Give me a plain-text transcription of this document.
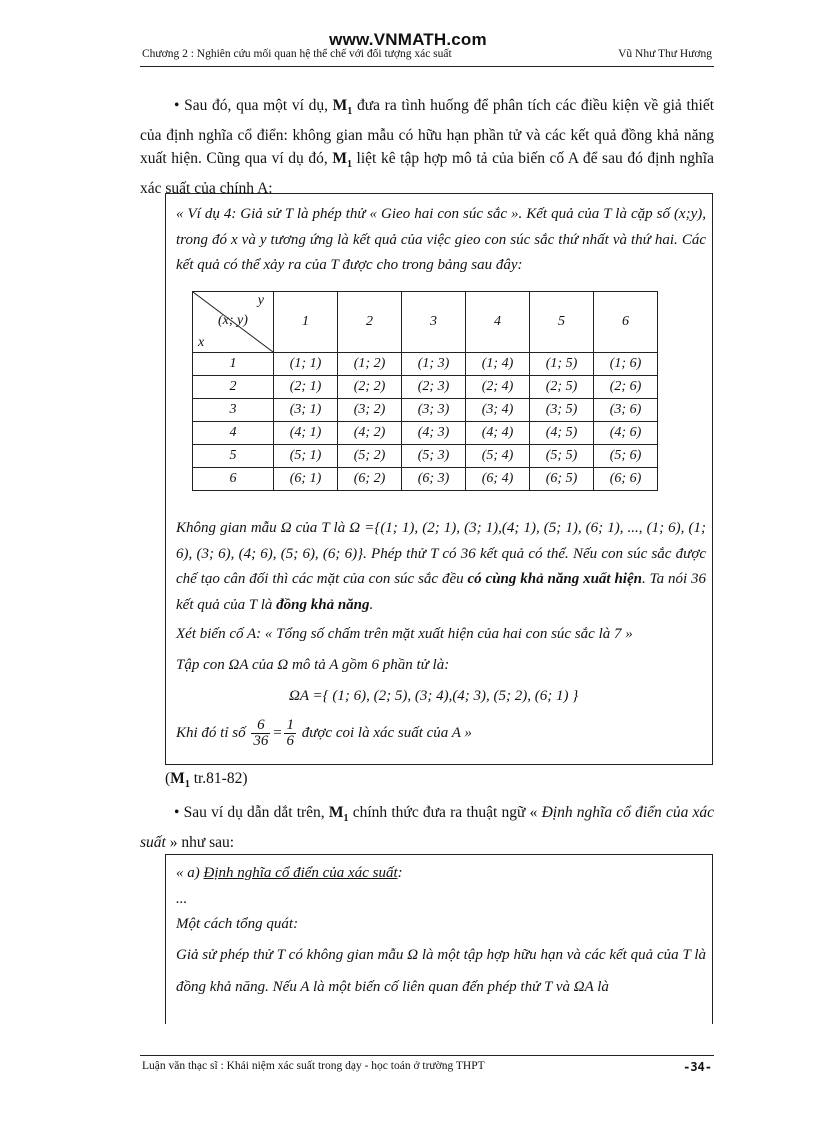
www.VNMATH.com
Chương 2 : Nghiên cứu mối quan hệ thể chế với đối tượng xác suất	Vũ Như Thư Hương
• Sau đó, qua một ví dụ, $M_1$ đưa ra tình huống để phân tích các điều kiện về giả thiết của định nghĩa cổ điển: không gian mẫu có hữu hạn phần tử và các kết quả đồng khả năng xuất hiện. Cũng qua ví dụ đó, $M_1$ liệt kê tập hợp mô tả của biến cố A để sau đó định nghĩa xác suất của chính A:
« Ví dụ 4: Giả sử T là phép thử « Gieo hai con súc sắc ». Kết quả của T là cặp số (x;y), trong đó x và y tương ứng là kết quả của việc gieo con súc sắc thứ nhất và thứ hai. Các kết quả có thể xảy ra của T được cho trong bảng sau đây:
y
(x; y)
x	1	2	3	4	5	6
1	(1; 1)	(1; 2)	(1; 3)	(1; 4)	(1; 5)	(1; 6)
2	(2; 1)	(2; 2)	(2; 3)	(2; 4)	(2; 5)	(2; 6)
3	(3; 1)	(3; 2)	(3; 3)	(3; 4)	(3; 5)	(3; 6)
4	(4; 1)	(4; 2)	(4; 3)	(4; 4)	(4; 5)	(4; 6)
5	(5; 1)	(5; 2)	(5; 3)	(5; 4)	(5; 5)	(5; 6)
6	(6; 1)	(6; 2)	(6; 3)	(6; 4)	(6; 5)	(6; 6)
Không gian mẫu Ω của T là Ω ={(1; 1), (2; 1), (3; 1),(4; 1), (5; 1), (6; 1), ..., (1; 6), (1; 6), (3; 6), (4; 6), (5; 6), (6; 6)}. Phép thử T có 36 kết quả có thể. Nếu con súc sắc được chế tạo cân đối thì các mặt của con súc sắc đều có cùng khả năng xuất hiện. Ta nói 36 kết quả của T là đồng khả năng.
Xét biến cố A: « Tổng số chấm trên mặt xuất hiện của hai con súc sắc là 7 »
Tập con ΩA của Ω mô tả A gồm 6 phần tử là:
ΩA ={ (1; 6), (2; 5), (3; 4),(4; 3), (5; 2), (6; 1) }
Khi đó tỉ số $\frac{6}{36} = \frac{1}{6}$ được coi là xác suất của A »
($M_1$ tr.81-82)
• Sau ví dụ dẫn dắt trên, $M_1$ chính thức đưa ra thuật ngữ « Định nghĩa cổ điển của xác suất » như sau:
« a) Định nghĩa cổ điển của xác suất:
...
Một cách tổng quát:
Giả sử phép thử T có không gian mẫu Ω là một tập hợp hữu hạn và các kết quả của T là đồng khả năng. Nếu A là một biến cố liên quan đến phép thử T và ΩA là
Luận văn thạc sĩ : Khái niệm xác suất trong dạy - học toán ở trường THPT	-34-
